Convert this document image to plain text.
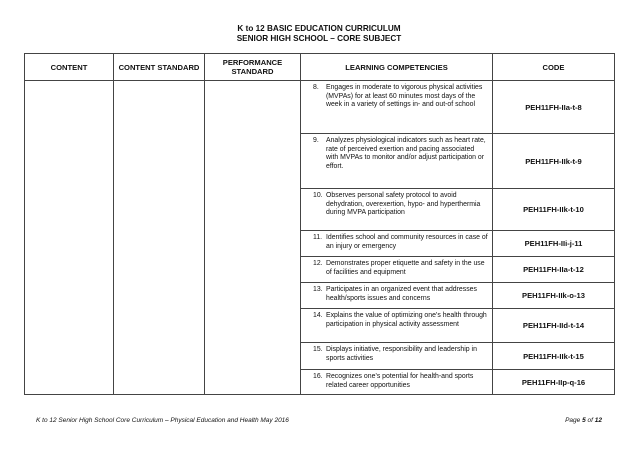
K to 12 BASIC EDUCATION CURRICULUM
SENIOR HIGH SCHOOL – CORE SUBJECT
CONTENT	CONTENT STANDARD	PERFORMANCE STANDARD	LEARNING COMPETENCIES	CODE

			8. Engages in moderate to vigorous physical activities (MVPAs) for at least 60 minutes most days of the week in a variety of settings in- and out-of school	PEH11FH-IIa-t-8

			9. Analyzes physiological indicators such as heart rate, rate of perceived exertion and pacing associated with MVPAs to monitor and/or adjust participation or effort.	PEH11FH-IIk-t-9

			10. Observes personal safety protocol to avoid dehydration, overexertion, hypo- and hyperthermia during MVPA participation	PEH11FH-IIk-t-10

			11. Identifies school and community resources in case of an injury or emergency	PEH11FH-IIi-j-11

			12. Demonstrates proper etiquette and safety in the use of facilities and equipment	PEH11FH-IIa-t-12

			13. Participates in an organized event that addresses health/sports issues and concerns	PEH11FH-IIk-o-13

			14. Explains the value of optimizing one’s health through participation in physical activity assessment	PEH11FH-IId-t-14

			15. Displays initiative, responsibility and leadership in sports activities	PEH11FH-IIk-t-15

			16. Recognizes one’s potential for health-and sports related career opportunities	PEH11FH-IIp-q-16
K to 12 Senior High School Core Curriculum – Physical Education and Health May 2016	Page 5 of 12
